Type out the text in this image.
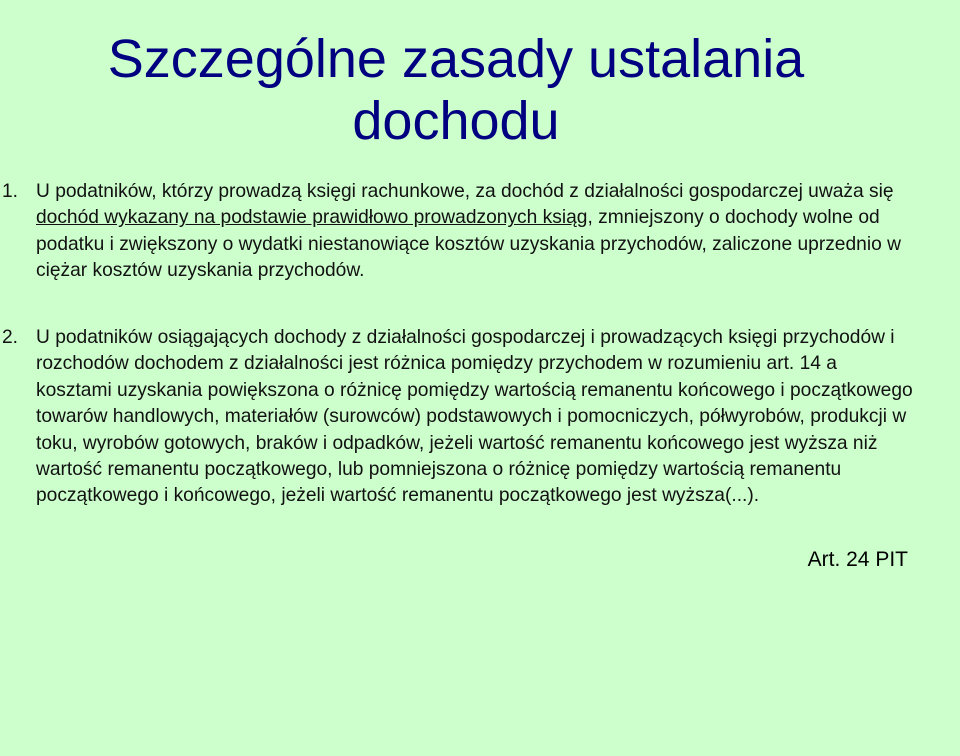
Szczególne zasady ustalania
dochodu

1. U podatników, którzy prowadzą księgi rachunkowe, za dochód z działalności gospodarczej uważa się dochód wykazany na podstawie prawidłowo prowadzonych ksiąg, zmniejszony o dochody wolne od podatku i zwiększony o wydatki niestanowiące kosztów uzyskania przychodów, zaliczone uprzednio w ciężar kosztów uzyskania przychodów.

2. U podatników osiągających dochody z działalności gospodarczej i prowadzących księgi przychodów i rozchodów dochodem z działalności jest różnica pomiędzy przychodem w rozumieniu art. 14 a kosztami uzyskania powiększona o różnicę pomiędzy wartością remanentu końcowego i początkowego towarów handlowych, materiałów (surowców) podstawowych i pomocniczych, półwyrobów, produkcji w toku, wyrobów gotowych, braków i odpadków, jeżeli wartość remanentu końcowego jest wyższa niż wartość remanentu początkowego, lub pomniejszona o różnicę pomiędzy wartością remanentu początkowego i końcowego, jeżeli wartość remanentu początkowego jest wyższa(...).

Art. 24 PIT
